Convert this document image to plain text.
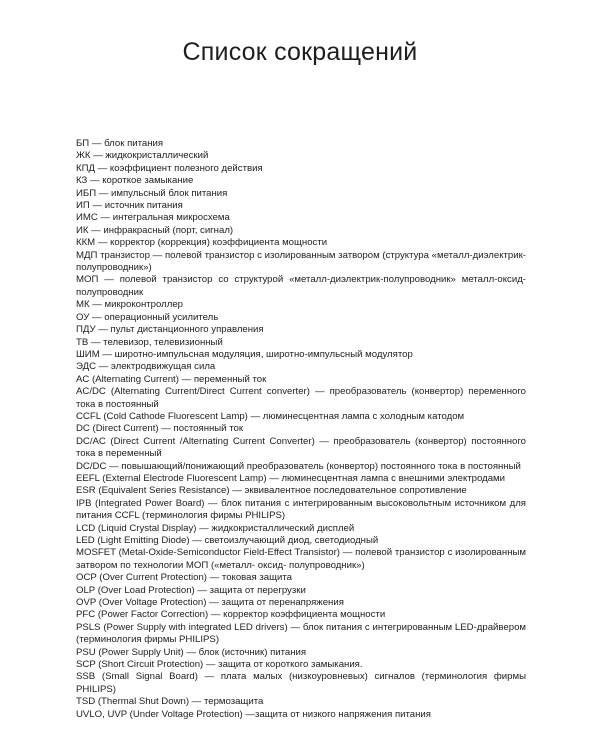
Список сокращений

БП — блок питания

ЖК — жидкокристаллический

КПД — коэффициент полезного действия

КЗ — короткое замыкание

ИБП — импульсный блок питания

ИП — источник питания

ИМС — интегральная микросхема

ИК — инфракрасный (порт, сигнал)

ККМ — корректор (коррекция) коэффициента мощности

МДП транзистор — полевой транзистор с изолированным затвором (структура «металл-диэлектрик-полупроводник»)

МОП — полевой транзистор со структурой «металл-диэлектрик-полупроводник» металл-оксид-полупроводник

МК — микроконтроллер

ОУ — операционный усилитель

ПДУ — пульт дистанционного управления

ТВ — телевизор, телевизионный

ШИМ — широтно-импульсная модуляция, широтно-импульсный модулятор

ЭДС — электродвижущая сила

AC (Alternating Current) — переменный ток

AC/DC (Alternating Current/Direct Current converter) — преобразователь (конвертор) переменного тока в постоянный

CCFL (Cold Cathode Fluorescent Lamp) — люминесцентная лампа с холодным катодом

DC (Direct Current) — постоянный ток

DC/AC (Direct Current /Alternating Current Converter) — преобразователь (конвертор) постоянного тока в переменный

DC/DC — повышающий/понижающий преобразователь (конвертор) постоянного тока в постоянный

EEFL (External Electrode Fluorescent Lamp) — люминесцентная лампа с внешними электродами

ESR (Equivalent Series Resistance) — эквивалентное последовательное сопротивление

IPB (Integrated Power Board) — блок питания с интегрированным высоковольтным источником для питания CCFL (терминология фирмы PHILIPS)

LCD (Liquid Crystal Display) — жидкокристаллический дисплей

LED (Light Emitting Diode) — светоизлучающий диод, светодиодный

MOSFET (Metal-Oxide-Semiconductor Field-Effect Transistor) — полевой транзистор с изолированным затвором по технологии МОП («металл- оксид- полупроводник»)

OCP (Over Current Protection) — токовая защита

OLP (Over Load Protection) — защита от перегрузки

OVP (Over Voltage Protection) — защита от перенапряжения

PFC (Power Factor Correction) — корректор коэффициента мощности

PSLS (Power Supply with integrated LED drivers) — блок питания с интегрированным LED-драйвером (терминология фирмы PHILIPS)

PSU (Power Supply Unit) — блок (источник) питания

SCP (Short Circuit Protection) — защита от короткого замыкания.

SSB (Small Signal Board) — плата малых (низкоуровневых) сигналов (терминология фирмы PHILIPS)

TSD (Thermal Shut Down) — термозащита

UVLO, UVP (Under Voltage Protection) —защита от низкого напряжения питания
